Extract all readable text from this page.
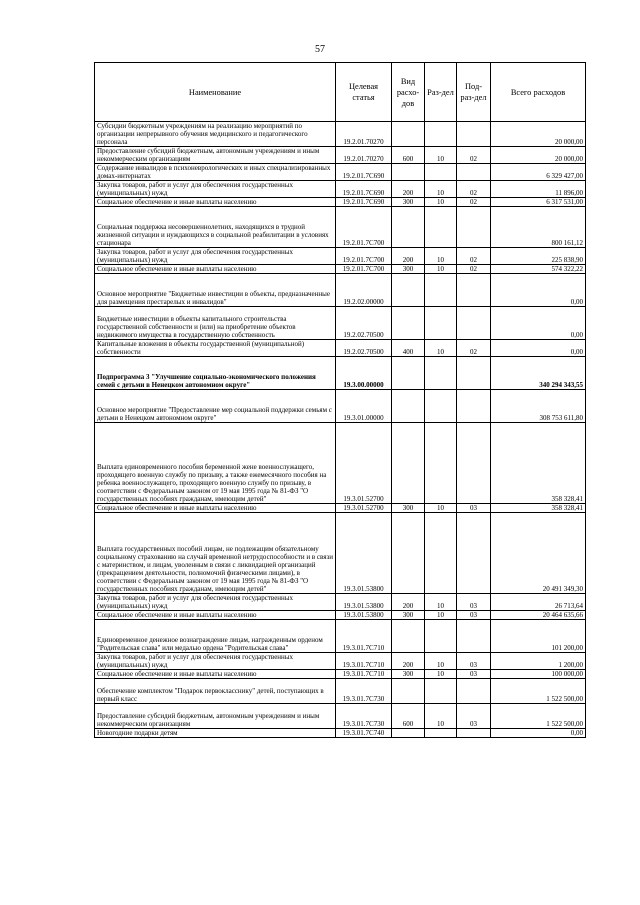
57
Наименование	Целевая статья	Вид расхо-дов	Раз-дел	Под-раз-дел	Всего расходов
Субсидии бюджетным учреждениям на реализацию мероприятий по организации непрерывного обучения медицинского и педагогического персонала	19.2.01.70270				20 000,00
Предоставление субсидий бюджетным, автономным учреждениям и иным некоммерческим организациям	19.2.01.70270	600	10	02	20 000,00
Содержание инвалидов в психоневрологических и иных специализированных домах-интернатах	19.2.01.7С690				6 329 427,00
Закупка товаров, работ и услуг для обеспечения государственных (муниципальных) нужд	19.2.01.7С690	200	10	02	11 896,00
Социальное обеспечение и иные выплаты населению	19.2.01.7С690	300	10	02	6 317 531,00
Социальная поддержка несовершеннолетних, находящихся в трудной жизненной ситуации и нуждающихся в социальной реабилитации в условиях стационара	19.2.01.7С700				800 161,12
Закупка товаров, работ и услуг для обеспечения государственных (муниципальных) нужд	19.2.01.7С700	200	10	02	225 838,90
Социальное обеспечение и иные выплаты населению	19.2.01.7С700	300	10	02	574 322,22
Основное мероприятие "Бюджетные инвестиции в объекты, предназначенные для размещения престарелых и инвалидов"	19.2.02.00000				0,00
Бюджетные инвестиции в объекты капитального строительства государственной собственности и (или) на приобретение объектов недвижимого имущества в государственную собственность	19.2.02.70500				0,00
Капитальные вложения в объекты государственной (муниципальной) собственности	19.2.02.70500	400	10	02	0,00
Подпрограмма 3 "Улучшение социально-экономического положения семей с детьми в Ненецком автономном округе"	19.3.00.00000				340 294 343,55
Основное мероприятие "Предоставление мер социальной поддержки семьям с детьми в Ненецком автономном округе"	19.3.01.00000				308 753 611,80
Выплата единовременного пособия беременной жене военнослужащего, проходящего военную службу по призыву, а также ежемесячного пособия на ребенка военнослужащего, проходящего военную службу по призыву, в соответствии с Федеральным законом от 19 мая 1995 года № 81-ФЗ "О государственных пособиях гражданам, имеющим детей"	19.3.01.52700				358 328,41
Социальное обеспечение и иные выплаты населению	19.3.01.52700	300	10	03	358 328,41
Выплата государственных пособий лицам, не подлежащим обязательному социальному страхованию на случай временной нетрудоспособности и в связи с материнством, и лицам, уволенным в связи с ликвидацией организаций (прекращением деятельности, полномочий физическими лицами), в соответствии с Федеральным законом от 19 мая 1995 года № 81-ФЗ "О государственных пособиях гражданам, имеющим детей"	19.3.01.53800				20 491 349,30
Закупка товаров, работ и услуг для обеспечения государственных (муниципальных) нужд	19.3.01.53800	200	10	03	26 713,64
Социальное обеспечение и иные выплаты населению	19.3.01.53800	300	10	03	20 464 635,66
Единовременное денежное вознаграждение лицам, награжденным орденом "Родительская слава" или медалью ордена "Родительская слава"	19.3.01.7С710				101 200,00
Закупка товаров, работ и услуг для обеспечения государственных (муниципальных) нужд	19.3.01.7С710	200	10	03	1 200,00
Социальное обеспечение и иные выплаты населению	19.3.01.7С710	300	10	03	100 000,00
Обеспечение комплектом "Подарок первокласснику" детей, поступающих в первый класс	19.3.01.7С730				1 522 500,00
Предоставление субсидий бюджетным, автономным учреждениям и иным некоммерческим организациям	19.3.01.7С730	600	10	03	1 522 500,00
Новогодние подарки детям	19.3.01.7С740				0,00
